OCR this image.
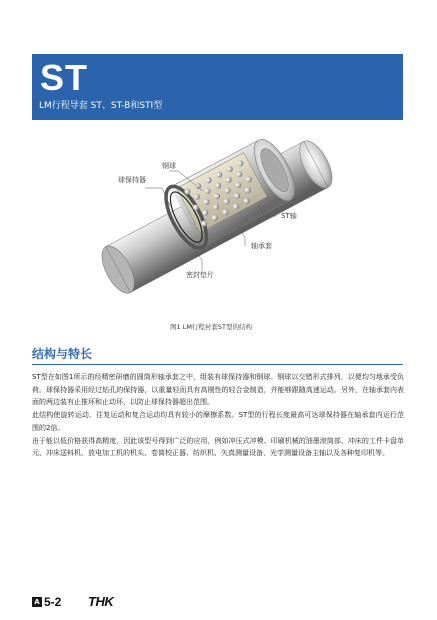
ST
LM行程导套 ST、ST-B和STI型
钢球
球保持器
ST轴
轴承套
密封垫片
图1 LM行程衬套ST型的结构
结构与特长

ST型在如图1所示的经精密研磨的圆筒形轴承套之中，组装有球保持器和钢球。钢球以交错形式排列，以便均匀地承受负荷。球保持器采用经过钻孔的保持器，以重量轻而具有高刚性的轻合金制造，并能够跟随高速运动。另外，在轴承套内表面的两边装有止推环和止动环，以防止球保持器超出范围。

此结构使旋转运动、往复运动和复合运动均具有较小的摩擦系数。ST型的行程长度最高可达球保持器在轴承套内运行范围的2倍。

由于能以低价格获得高精度，因此该型号得到广泛的应用，例如冲压式冲模、印刷机械的油墨滚筒部、冲床的工件卡盘单元、冲床送料机、放电加工机的机头、卷筒校正器、纺织机、矢真测量设备、光学测量设备主轴以及各种复印机等。

A 5-2 THK
